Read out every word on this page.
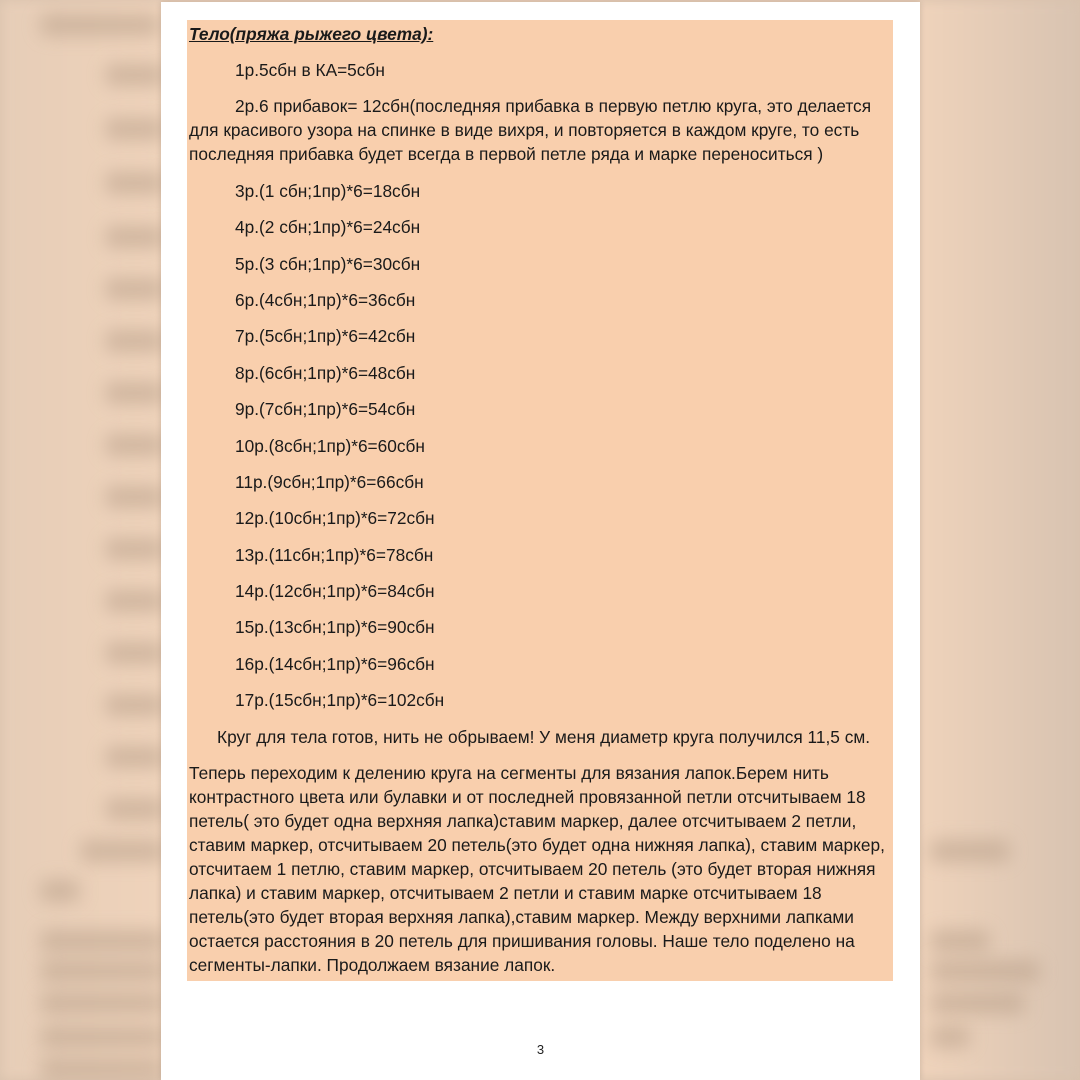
Тело(пряжа рыжего цвета):

1р.5сбн в КА=5сбн

2р.6 прибавок= 12сбн(последняя прибавка в первую петлю круга, это делается для красивого узора на спинке в виде вихря, и повторяется в каждом круге, то есть последняя прибавка будет всегда в первой петле ряда и марке переноситься )

3р.(1 сбн;1пр)*6=18сбн

4р.(2 сбн;1пр)*6=24сбн

5р.(3 сбн;1пр)*6=30сбн

6р.(4сбн;1пр)*6=36сбн

7р.(5сбн;1пр)*6=42сбн

8р.(6сбн;1пр)*6=48сбн

9р.(7сбн;1пр)*6=54сбн

10р.(8сбн;1пр)*6=60сбн

11р.(9сбн;1пр)*6=66сбн

12р.(10сбн;1пр)*6=72сбн

13р.(11сбн;1пр)*6=78сбн

14р.(12сбн;1пр)*6=84сбн

15р.(13сбн;1пр)*6=90сбн

16р.(14сбн;1пр)*6=96сбн

17р.(15сбн;1пр)*6=102сбн

Круг для тела готов, нить не обрываем! У меня диаметр круга получился 11,5 см.

Теперь переходим к делению круга на сегменты для вязания лапок.Берем нить контрастного цвета или булавки и от последней провязанной петли отсчитываем 18 петель( это будет одна верхняя лапка)ставим маркер, далее отсчитываем 2 петли, ставим маркер, отсчитываем 20 петель(это будет одна нижняя лапка), ставим маркер, отсчитаем 1 петлю, ставим маркер, отсчитываем 20 петель (это будет вторая нижняя лапка) и ставим маркер, отсчитываем 2 петли и ставим марке отсчитываем 18 петель(это будет вторая верхняя лапка),ставим маркер. Между верхними лапками остается расстояния в 20 петель для пришивания головы. Наше тело поделено на сегменты-лапки. Продолжаем вязание лапок.

3
